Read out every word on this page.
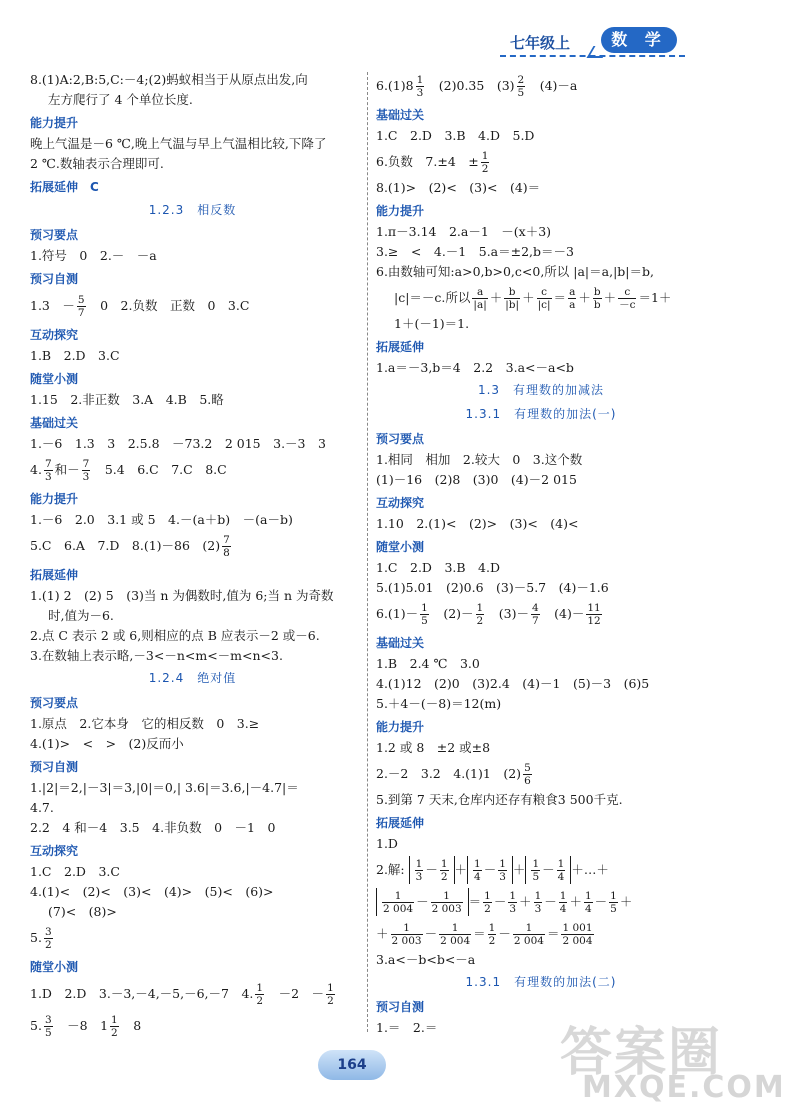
七年级上	数 学
8.(1)A:2,B:5,C:－4;(2)蚂蚁相当于从原点出发,向
左方爬行了 4 个单位长度.
能力提升
晚上气温是－6 ℃,晚上气温与早上气温相比较,下降了
2 ℃.数轴表示合理即可.
拓展延伸　C
1.2.3　相反数
预习要点
1.符号　0　2.－　－a
预习自测
1.3　－ $\frac{5}{7}$ 　0　2.负数　正数　0　3.C
互动探究
1.B　2.D　3.C
随堂小测
1.15　2.非正数　3.A　4.B　5.略
基础过关
1.－6　1.3　3　2.5.8　－73.2　2 015　3.－3　3
4. $\frac{7}{3}$ 和－ $\frac{7}{3}$ 　5.4　6.C　7.C　8.C
能力提升
1.－6　2.0　3.1 或 5　4.－(a＋b)　－(a－b)
5.C　6.A　7.D　8.(1)－86　$(2) \frac{7}{8}$
拓展延伸
1.(1) 2　(2) 5　(3)当 n 为偶数时,值为 6;当 n 为奇数
时,值为－6.
2.点 C 表示 2 或 6,则相应的点 B 应表示－2 或－6.
3.在数轴上表示略,－3<－n<m<－m<n<3.
1.2.4　绝对值
预习要点
1.原点　2.它本身　它的相反数　0　3.≥
4.(1)>　<　>　(2)反而小
预习自测
1.|2|＝2,|－3|＝3,|0|＝0,| 3.6|＝3.6,|－4.7|＝
4.7.
2.2　4 和－4　3.5　4.非负数　0　－1　0
互动探究
1.C　2.D　3.C
4.(1)<　(2)<　(3)<　(4)>　(5)<　(6)>
(7)<　(8)>
5. $\frac{3}{2}$
随堂小测
1.D　2.D　3.－3,－4,－5,－6,－7　4. $\frac{1}{2}$ 　－2　－ $\frac{1}{2}$
5. $\frac{3}{5}$ 　－8　$1 \frac{1}{2}$ 　8
$6.(1)8 \frac{1}{3}$ 　(2)0.35　$(3) \frac{2}{5}$ 　(4)－a
基础过关
1.C　2.D　3.B　4.D　5.D
6.负数　7.±4　± $\frac{1}{2}$
8.(1)>　(2)<　(3)<　(4)＝
能力提升
1.π－3.14　2.a－1　－(x＋3)
3.≥　<　4.－1　5.a＝±2,b＝－3
6.由数轴可知:a>0,b>0,c<0,所以 |a|＝a,|b|＝b,
|c|＝－c.所以 $\frac{a}{|a|} + \frac{b}{|b|} + \frac{c}{|c|} = \frac{a}{a} + \frac{b}{b} + \frac{c}{-c} =1+$
1＋(－1)＝1.
拓展延伸
1.a＝－3,b＝4　2.2　3.a<－a<b
1.3　有理数的加减法
1.3.1　有理数的加法(一)
预习要点
1.相同　相加　2.较大　0　3.这个数
(1)－16　(2)8　(3)0　(4)－2 015
互动探究
1.10　2.(1)<　(2)>　(3)<　(4)<
随堂小测
1.C　2.D　3.B　4.D
5.(1)5.01　(2)0.6　(3)－5.7　(4)－1.6
$6.(1)- \frac{1}{5}$ 　$(2)- \frac{1}{2}$ 　$(3)- \frac{4}{7}$ 　$(4)- \frac{11}{12}$
基础过关
1.B　2.4 ℃　3.0
4.(1)12　(2)0　(3)2.4　(4)－1　(5)－3　(6)5
5.＋4－(－8)＝12(m)
能力提升
1.2 或 8　±2 或±8
2.－2　3.2　4.(1)1　$(2) \frac{5}{6}$
5.到第 7 天末,仓库内还存有粮食3 500千克.
拓展延伸
1.D
2.解: $\frac{1}{3} - \frac{1}{2} + \frac{1}{4} - \frac{1}{3} + \frac{1}{5} - \frac{1}{4}$ ＋…＋
$\frac{1}{2 004} - \frac{1}{2 003} = \frac{1}{2} - \frac{1}{3} + \frac{1}{3} - \frac{1}{4} + \frac{1}{4} - \frac{1}{5}$ ＋
＋ $\frac{1}{2 003} - \frac{1}{2 004} = \frac{1}{2} - \frac{1}{2 004} = \frac{1 001}{2 004}$
3.a<－b<b<－a
1.3.1　有理数的加法(二)
预习自测
1.＝　2.＝
164	答案圈
MXQE.COM
